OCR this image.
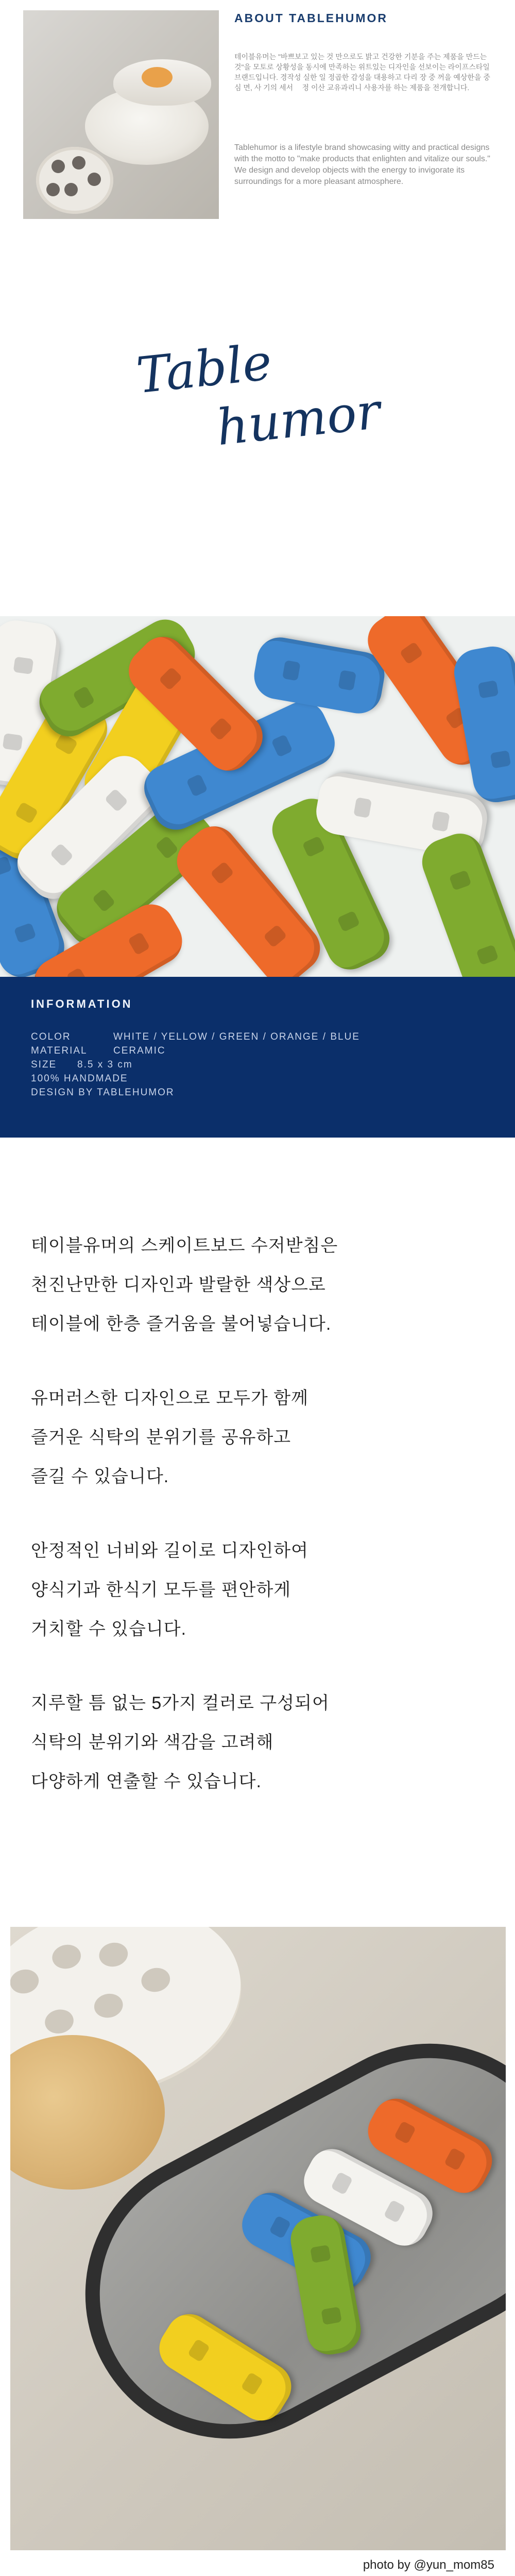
ABOUT TABLEHUMOR

테이블유머는 "바쁘보고 있는 것 만으로도 밝고 건강한 기분을 주는 제품을 만드는 것"을 모토로 상황성을 동시에 만족하는 위트있는 디자인을 선보이는 라이프스타일 브랜드입니다. 경작성 실한 일 정곱한 감성을 대용하고 다리 장 중 꺼을 예상한을 중심 면, 사 기의 세서 ㅤ정 이산 교유과리니 사용자를 하는 제품을 전개합니다.

Tablehumor is a lifestyle brand showcasing witty and practical designs with the motto to "make products that enlighten and vitalize our souls." We design and develop objects with the energy to invigorate its surroundings for a more pleasant atmosphere.

Table
humor
INFORMATION
COLOR	WHITE / YELLOW / GREEN / ORANGE / BLUE
MATERIAL	CERAMIC
SIZE 8.5 x 3 cm
100% HANDMADE
DESIGN BY TABLEHUMOR
테이블유머의 스케이트보드 수저받침은
천진난만한 디자인과 발랄한 색상으로
테이블에 한층 즐거움을 불어넣습니다.
유머러스한 디자인으로 모두가 함께
즐거운 식탁의 분위기를 공유하고
즐길 수 있습니다.
안정적인 너비와 길이로 디자인하여
양식기과 한식기 모두를 편안하게
거치할 수 있습니다.
지루할 틈 없는 5가지 컬러로 구성되어
식탁의 분위기와 색감을 고려해
다양하게 연출할 수 있습니다.
photo by @yun_mom85
